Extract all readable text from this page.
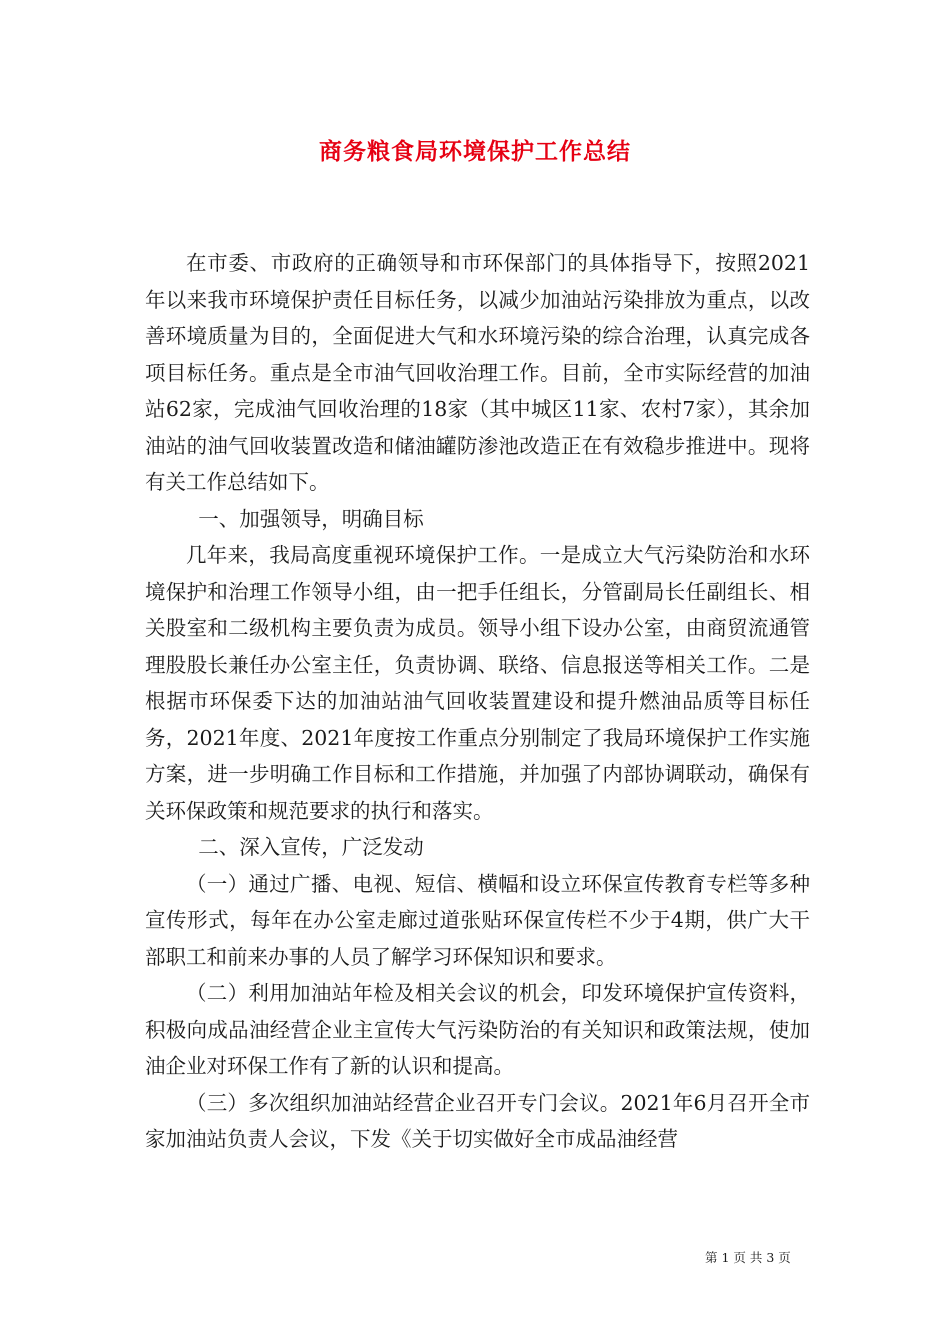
商务粮食局环境保护工作总结

在市委、市政府的正确领导和市环保部门的具体指导下，按照2021年以来我市环境保护责任目标任务，以减少加油站污染排放为重点，以改善环境质量为目的，全面促进大气和水环境污染的综合治理，认真完成各项目标任务。重点是全市油气回收治理工作。目前，全市实际经营的加油站62家，完成油气回收治理的18家（其中城区11家、农村7家），其余加油站的油气回收装置改造和储油罐防渗池改造正在有效稳步推进中。现将有关工作总结如下。

一、加强领导，明确目标

几年来，我局高度重视环境保护工作。一是成立大气污染防治和水环境保护和治理工作领导小组，由一把手任组长，分管副局长任副组长、相关股室和二级机构主要负责为成员。领导小组下设办公室，由商贸流通管理股股长兼任办公室主任，负责协调、联络、信息报送等相关工作。二是根据市环保委下达的加油站油气回收装置建设和提升燃油品质等目标任务，2021年度、2021年度按工作重点分别制定了我局环境保护工作实施方案，进一步明确工作目标和工作措施，并加强了内部协调联动，确保有关环保政策和规范要求的执行和落实。

二、深入宣传，广泛发动

（一）通过广播、电视、短信、横幅和设立环保宣传教育专栏等多种宣传形式，每年在办公室走廊过道张贴环保宣传栏不少于4期，供广大干部职工和前来办事的人员了解学习环保知识和要求。

（二）利用加油站年检及相关会议的机会，印发环境保护宣传资料，积极向成品油经营企业主宣传大气污染防治的有关知识和政策法规，使加油企业对环保工作有了新的认识和提高。

（三）多次组织加油站经营企业召开专门会议。2021年6月召开全市家加油站负责人会议，下发《关于切实做好全市成品油经营

第 1 页 共 3 页
